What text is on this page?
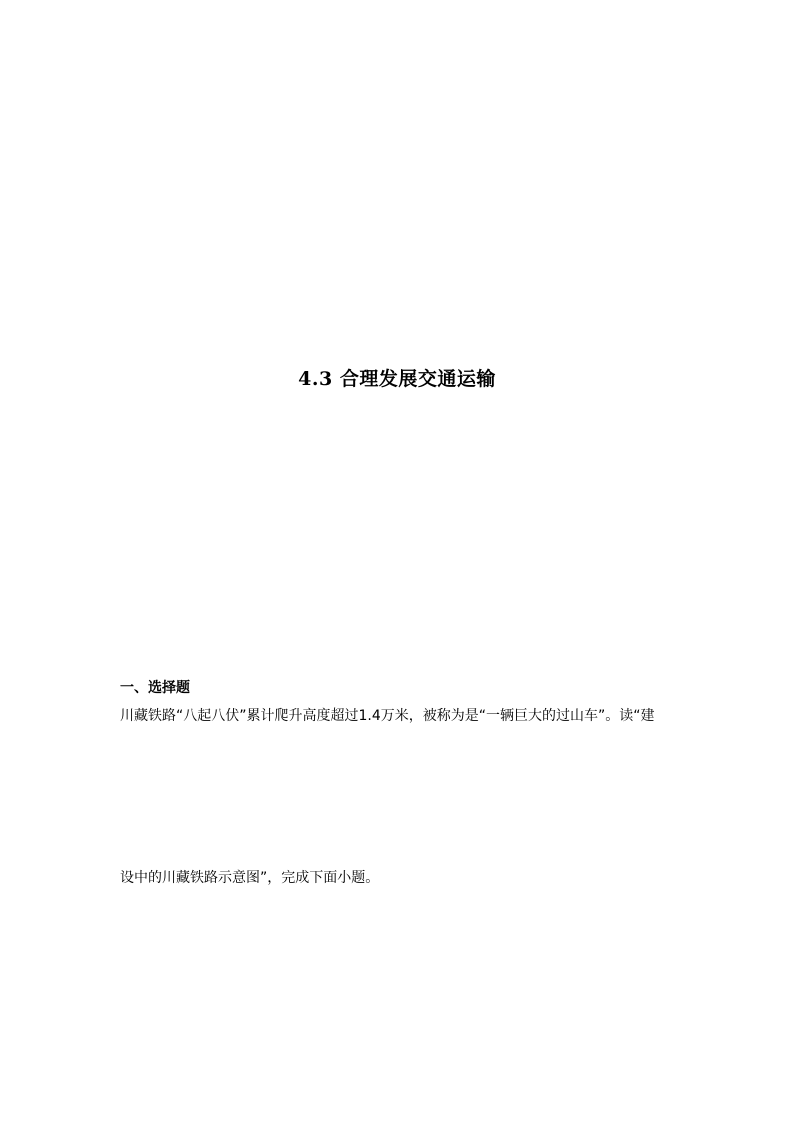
4.3 合理发展交通运输
一、选择题
川藏铁路“八起八伏”累计爬升高度超过1.4万米，被称为是“一辆巨大的过山车”。读“建
设中的川藏铁路示意图”，完成下面小题。
